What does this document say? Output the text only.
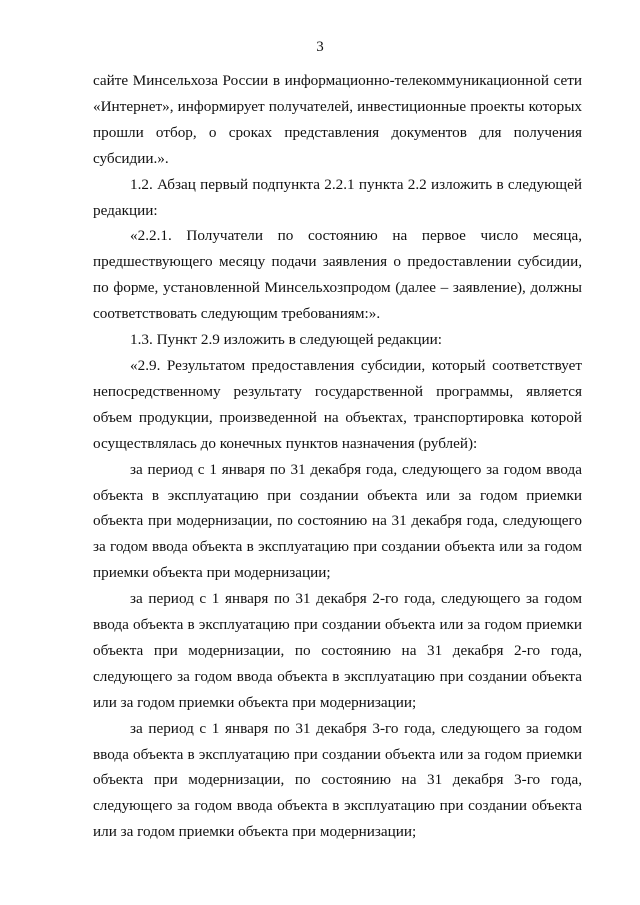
3

сайте Минсельхоза России в информационно-телекоммуникационной сети «Интернет», информирует получателей, инвестиционные проекты которых прошли отбор, о сроках представления документов для получения субсидии.».

1.2. Абзац первый подпункта 2.2.1 пункта 2.2 изложить в следующей редакции:

«2.2.1. Получатели по состоянию на первое число месяца, предшествующего месяцу подачи заявления о предоставлении субсидии, по форме, установленной Минсельхозпродом (далее – заявление), должны соответствовать следующим требованиям:».

1.3. Пункт 2.9 изложить в следующей редакции:

«2.9. Результатом предоставления субсидии, который соответствует непосредственному результату государственной программы, является объем продукции, произведенной на объектах, транспортировка которой осуществлялась до конечных пунктов назначения (рублей):

за период с 1 января по 31 декабря года, следующего за годом ввода объекта в эксплуатацию при создании объекта или за годом приемки объекта при модернизации, по состоянию на 31 декабря года, следующего за годом ввода объекта в эксплуатацию при создании объекта или за годом приемки объекта при модернизации;

за период с 1 января по 31 декабря 2-го года, следующего за годом ввода объекта в эксплуатацию при создании объекта или за годом приемки объекта при модернизации, по состоянию на 31 декабря 2-го года, следующего за годом ввода объекта в эксплуатацию при создании объекта или за годом приемки объекта при модернизации;

за период с 1 января по 31 декабря 3-го года, следующего за годом ввода объекта в эксплуатацию при создании объекта или за годом приемки объекта при модернизации, по состоянию на 31 декабря 3-го года, следующего за годом ввода объекта в эксплуатацию при создании объекта или за годом приемки объекта при модернизации;
